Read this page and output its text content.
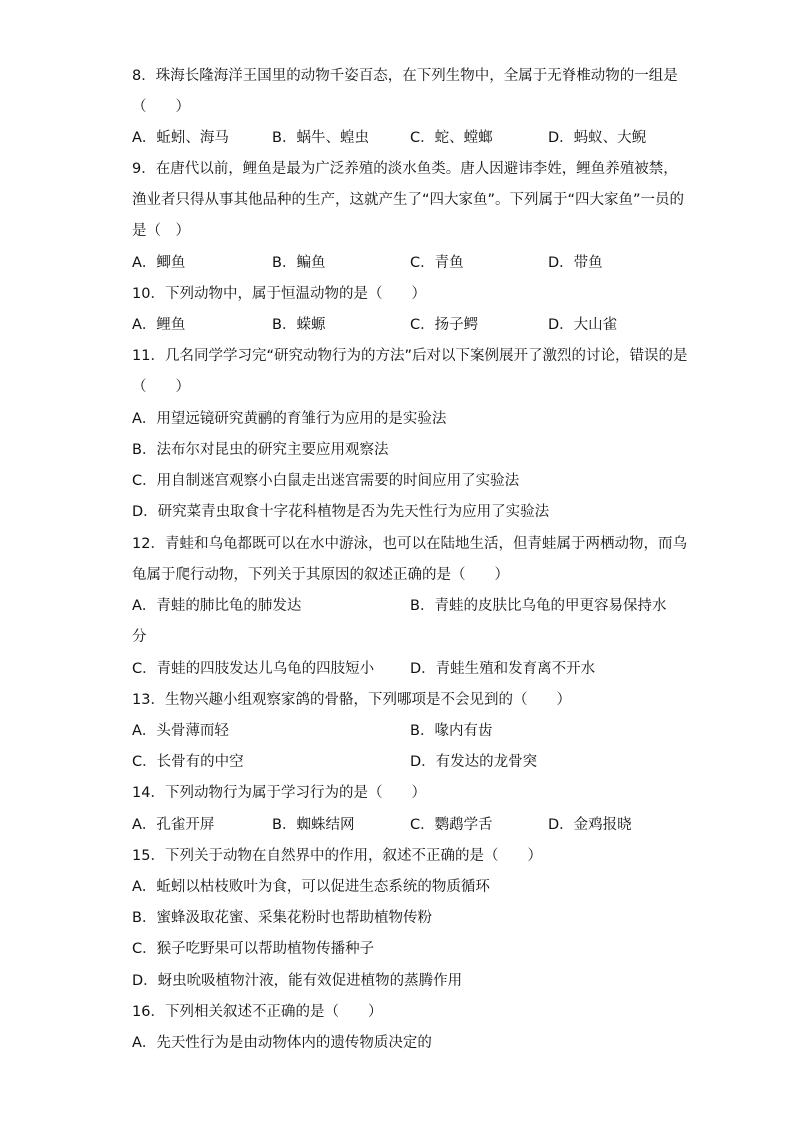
8．珠海长隆海洋王国里的动物千姿百态，在下列生物中，全属于无脊椎动物的一组是
（　　）
A．蚯蚓、海马	B．蜗牛、蝗虫	C．蛇、螳螂	D．蚂蚁、大鲵
9．在唐代以前，鲤鱼是最为广泛养殖的淡水鱼类。唐人因避讳李姓，鲤鱼养殖被禁，
渔业者只得从事其他品种的生产，这就产生了“四大家鱼”。下列属于“四大家鱼”一员的
是（　）
A．鲫鱼	B．鳊鱼	C．青鱼	D．带鱼
10．下列动物中，属于恒温动物的是（　　）
A．鲤鱼	B．蝾螈	C．扬子鳄	D．大山雀
11．几名同学学习完“研究动物行为的方法”后对以下案例展开了激烈的讨论，错误的是
（　　）
A．用望远镜研究黄鹂的育雏行为应用的是实验法
B．法布尔对昆虫的研究主要应用观察法
C．用自制迷宫观察小白鼠走出迷宫需要的时间应用了实验法
D．研究菜青虫取食十字花科植物是否为先天性行为应用了实验法
12．青蛙和乌龟都既可以在水中游泳，也可以在陆地生活，但青蛙属于两栖动物，而乌
龟属于爬行动物，下列关于其原因的叙述正确的是（　　）
A．青蛙的肺比龟的肺发达	B．青蛙的皮肤比乌龟的甲更容易保持水
分
C．青蛙的四肢发达儿乌龟的四肢短小 D．青蛙生殖和发育离不开水
13．生物兴趣小组观察家鸽的骨骼，下列哪项是不会见到的（　　）
A．头骨薄而轻	B．喙内有齿
C．长骨有的中空	D．有发达的龙骨突
14．下列动物行为属于学习行为的是（　　）
A．孔雀开屏	B．蜘蛛结网	C．鹦鹉学舌	D．金鸡报晓
15．下列关于动物在自然界中的作用，叙述不正确的是（　　）
A．蚯蚓以枯枝败叶为食，可以促进生态系统的物质循环
B．蜜蜂汲取花蜜、采集花粉时也帮助植物传粉
C．猴子吃野果可以帮助植物传播种子
D．蚜虫吮吸植物汁液，能有效促进植物的蒸腾作用
16．下列相关叙述不正确的是（　　）
A．先天性行为是由动物体内的遗传物质决定的
